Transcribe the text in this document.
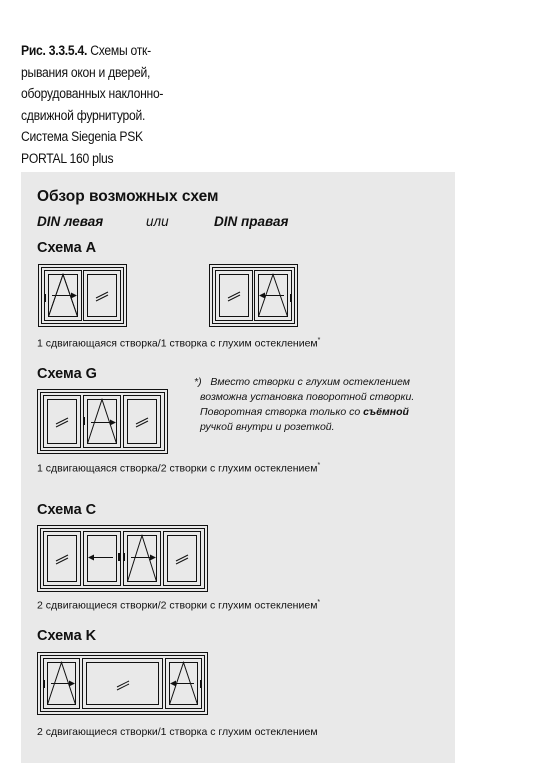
Рис. 3.3.5.4. Схемы отк-
рывания окон и дверей,
оборудованных наклонно-
сдвижной фурнитурой.
Система Siegenia PSK
PORTAL 160 plus
Обзор возможных схем
DIN левая	или	DIN правая
Схема A
1 сдвигающаяся створка/1 створка с глухим остеклением*
Схема G	*) Вместо створки с глухим остеклением
возможна установка поворотной створки.
Поворотная створка только со съёмной
ручкой внутри и розеткой.
1 сдвигающаяся створка/2 створки с глухим остеклением*
Схема C
2 сдвигающиеся створки/2 створки с глухим остеклением*
Схема K
2 сдвигающиеся створки/1 створка с глухим остеклением
